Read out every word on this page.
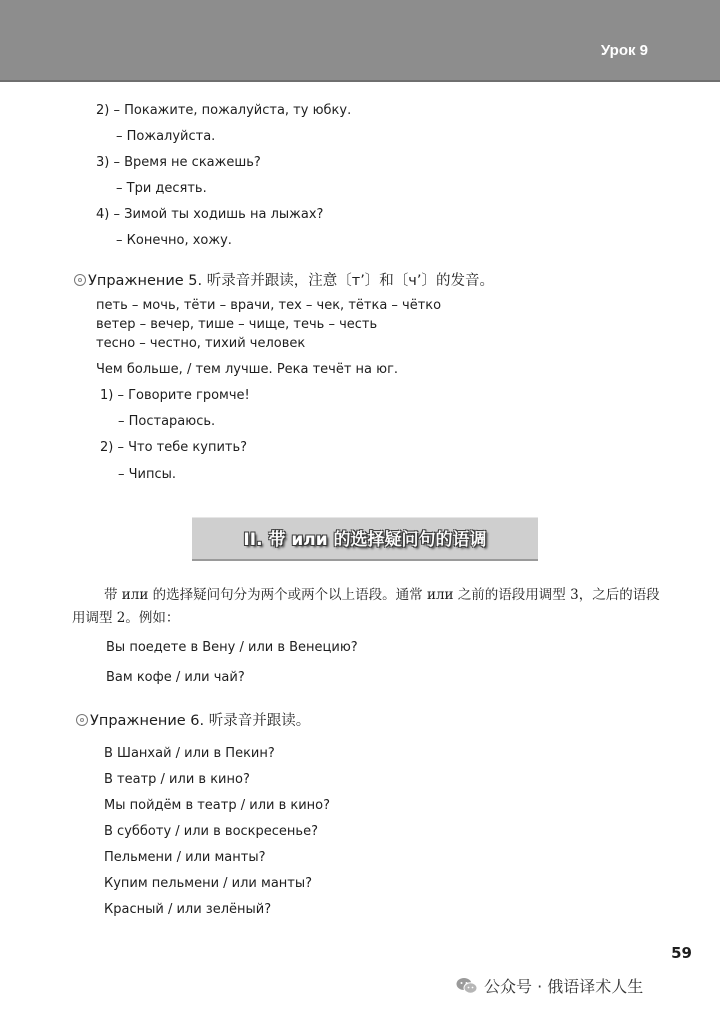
Урок 9
2) – Покажите, пожалуйста, ту юбку.
– Пожалуйста.
3) – Время не скажешь?
– Три десять.
4) – Зимой ты ходишь на лыжах?
– Конечно, хожу.
Упражнение 5. 听录音并跟读，注意〔т’〕和〔ч’〕的发音。
петь – мочь, тёти – врачи, тех – чек, тётка – чётко
ветер – вечер, тише – чище, течь – честь
тесно – честно, тихий человек
Чем больше, / тем лучше. Река течёт на юг.
1) – Говорите громче!
– Постараюсь.
2) – Что тебе купить?
– Чипсы.
II. 带 или 的选择疑问句的语调
带 или 的选择疑问句分为两个或两个以上语段。通常 или 之前的语段用调型 3，之后的语段用调型 2。例如：
Вы поедете в Вену / или в Венецию?
Вам кофе / или чай?
Упражнение 6. 听录音并跟读。
В Шанхай / или в Пекин?
В театр / или в кино?
Мы пойдём в театр / или в кино?
В субботу / или в воскресенье?
Пельмени / или манты?
Купим пельмени / или манты?
Красный / или зелёный?
59
公众号 · 俄语译术人生
